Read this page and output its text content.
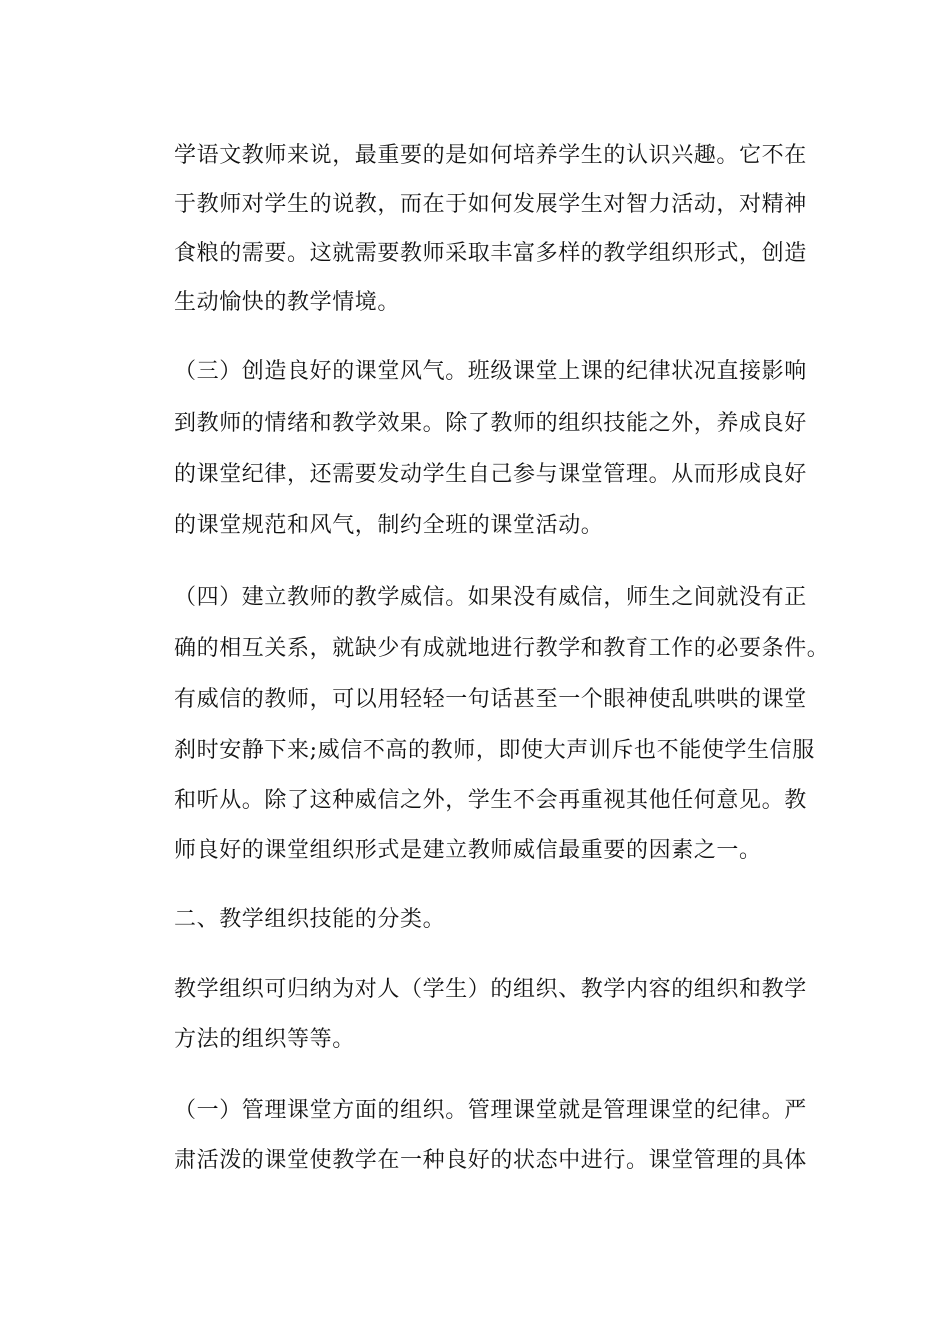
学语文教师来说，最重要的是如何培养学生的认识兴趣。它不在
于教师对学生的说教，而在于如何发展学生对智力活动，对精神
食粮的需要。这就需要教师采取丰富多样的教学组织形式，创造
生动愉快的教学情境。
（三）创造良好的课堂风气。班级课堂上课的纪律状况直接影响
到教师的情绪和教学效果。除了教师的组织技能之外，养成良好
的课堂纪律，还需要发动学生自己参与课堂管理。从而形成良好
的课堂规范和风气，制约全班的课堂活动。
（四）建立教师的教学威信。如果没有威信，师生之间就没有正
确的相互关系，就缺少有成就地进行教学和教育工作的必要条件。
有威信的教师，可以用轻轻一句话甚至一个眼神使乱哄哄的课堂
刹时安静下来;威信不高的教师，即使大声训斥也不能使学生信服
和听从。除了这种威信之外，学生不会再重视其他任何意见。教
师良好的课堂组织形式是建立教师威信最重要的因素之一。
二、教学组织技能的分类。
教学组织可归纳为对人（学生）的组织、教学内容的组织和教学
方法的组织等等。
（一）管理课堂方面的组织。管理课堂就是管理课堂的纪律。严
肃活泼的课堂使教学在一种良好的状态中进行。课堂管理的具体
